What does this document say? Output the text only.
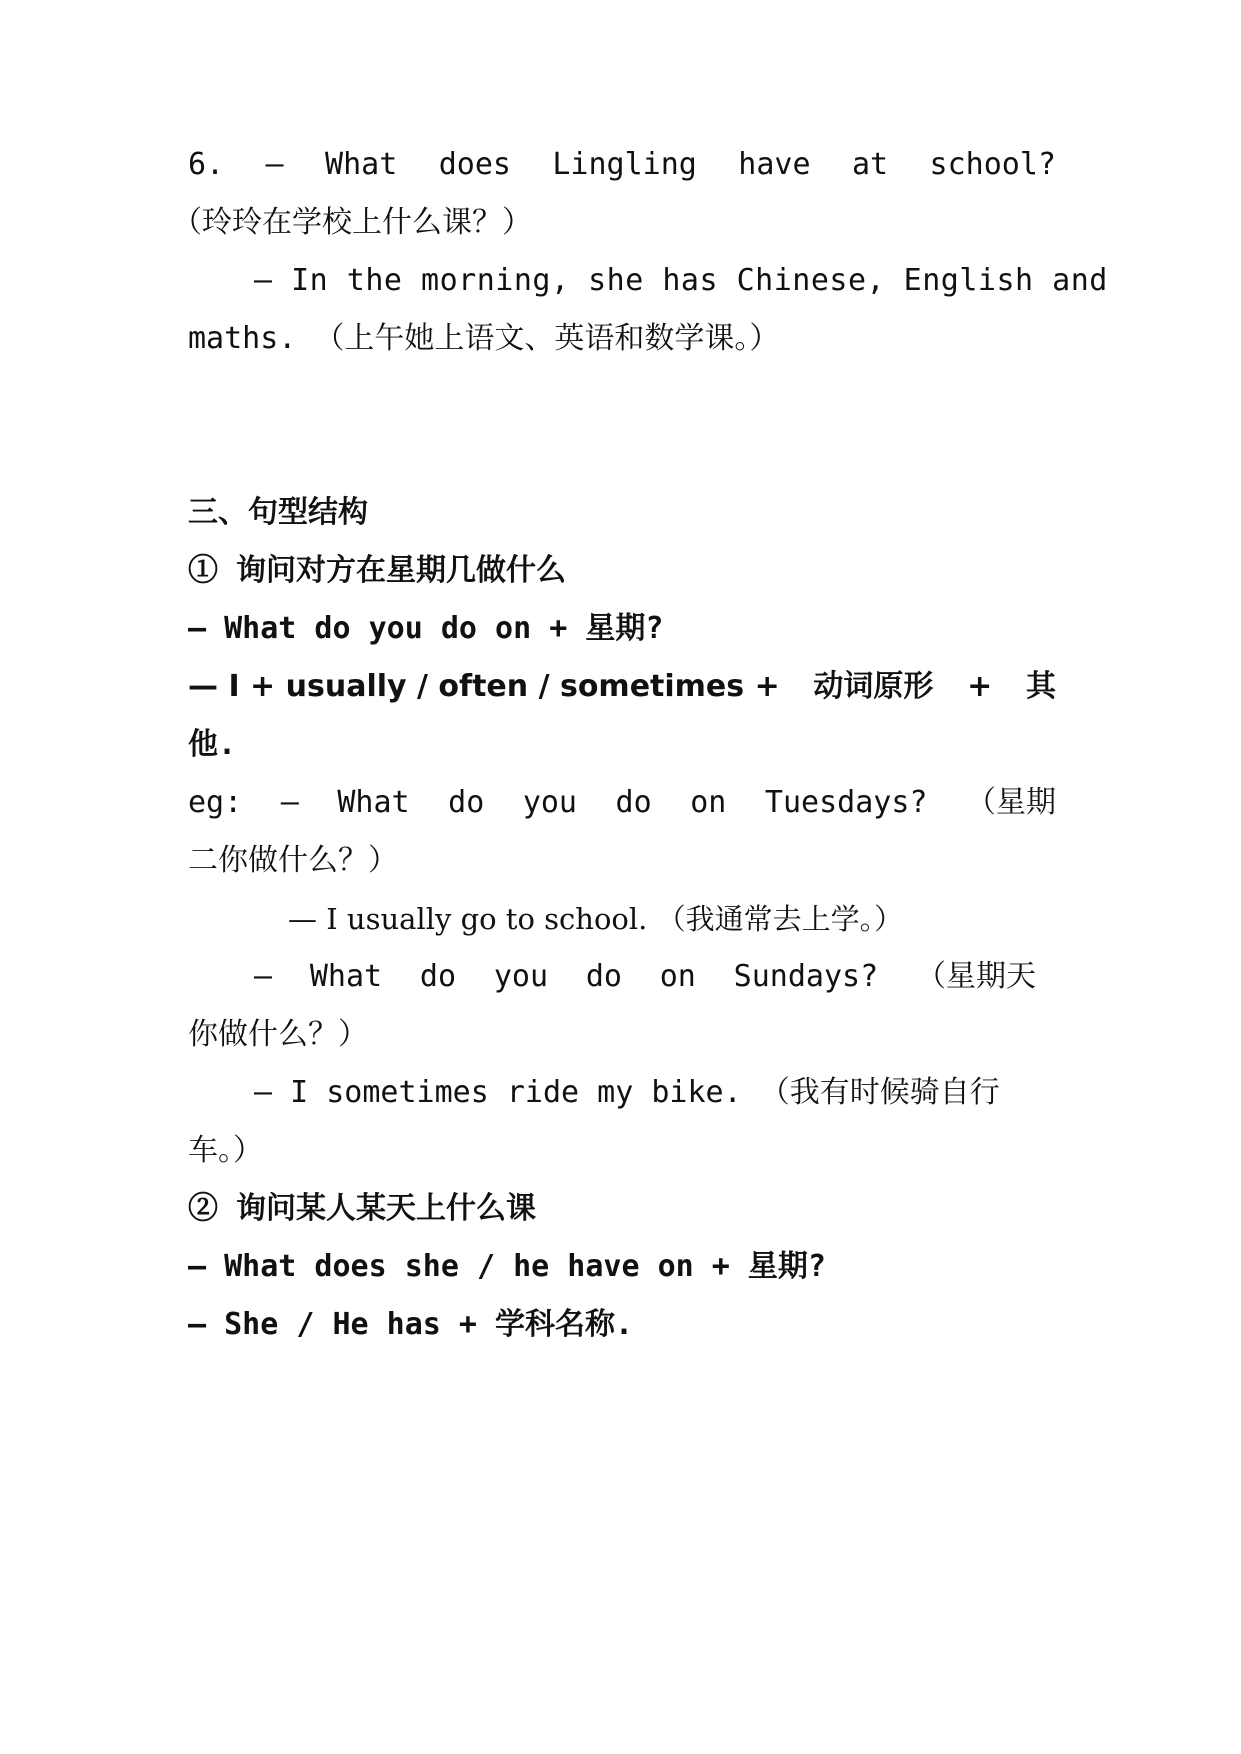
6. — What does Lingling have at school?
（玲玲在学校上什么课？）
— In the morning, she has Chinese, English and
maths. （上午她上语文、英语和数学课。）
三、句型结构
① 询问对方在星期几做什么
— What do you do on + 星期?
— I + usually / often / sometimes + 动词原形 + 其
他.
eg: — What do you do on Tuesdays? （星期
二你做什么？）
— I usually go to school. （我通常去上学。）
— What do you do on Sundays? （星期天
你做什么？）
— I sometimes ride my bike. （我有时候骑自行
车。）
② 询问某人某天上什么课
— What does she / he have on + 星期?
— She / He has + 学科名称.
